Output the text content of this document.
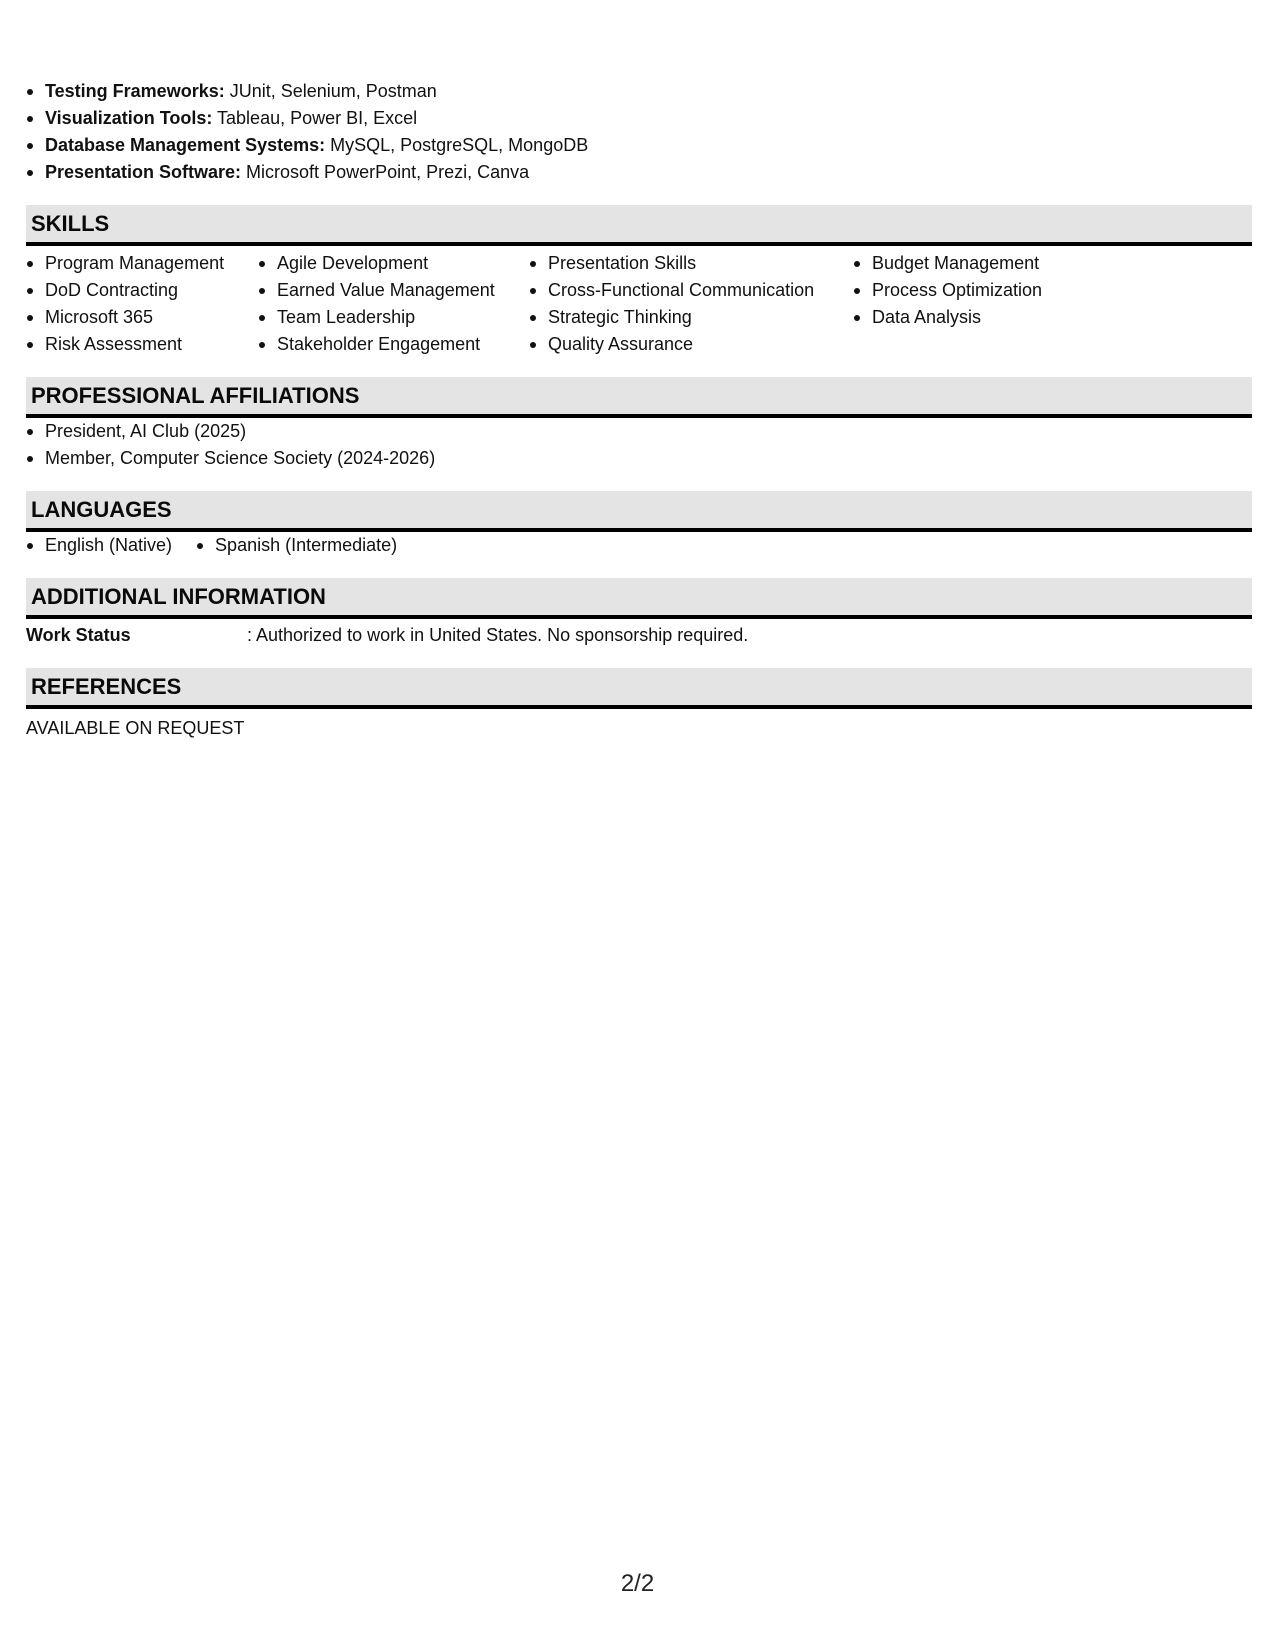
Testing Frameworks: JUnit, Selenium, Postman
Visualization Tools: Tableau, Power BI, Excel
Database Management Systems: MySQL, PostgreSQL, MongoDB
Presentation Software: Microsoft PowerPoint, Prezi, Canva
SKILLS
Program Management
DoD Contracting
Microsoft 365
Risk Assessment
Agile Development
Earned Value Management
Team Leadership
Stakeholder Engagement
Presentation Skills
Cross-Functional Communication
Strategic Thinking
Quality Assurance
Budget Management
Process Optimization
Data Analysis
PROFESSIONAL AFFILIATIONS
President, AI Club (2025)
Member, Computer Science Society (2024-2026)
LANGUAGES
English (Native)	Spanish (Intermediate)
ADDITIONAL INFORMATION
Work Status	: Authorized to work in United States. No sponsorship required.
REFERENCES
AVAILABLE ON REQUEST
2/2
